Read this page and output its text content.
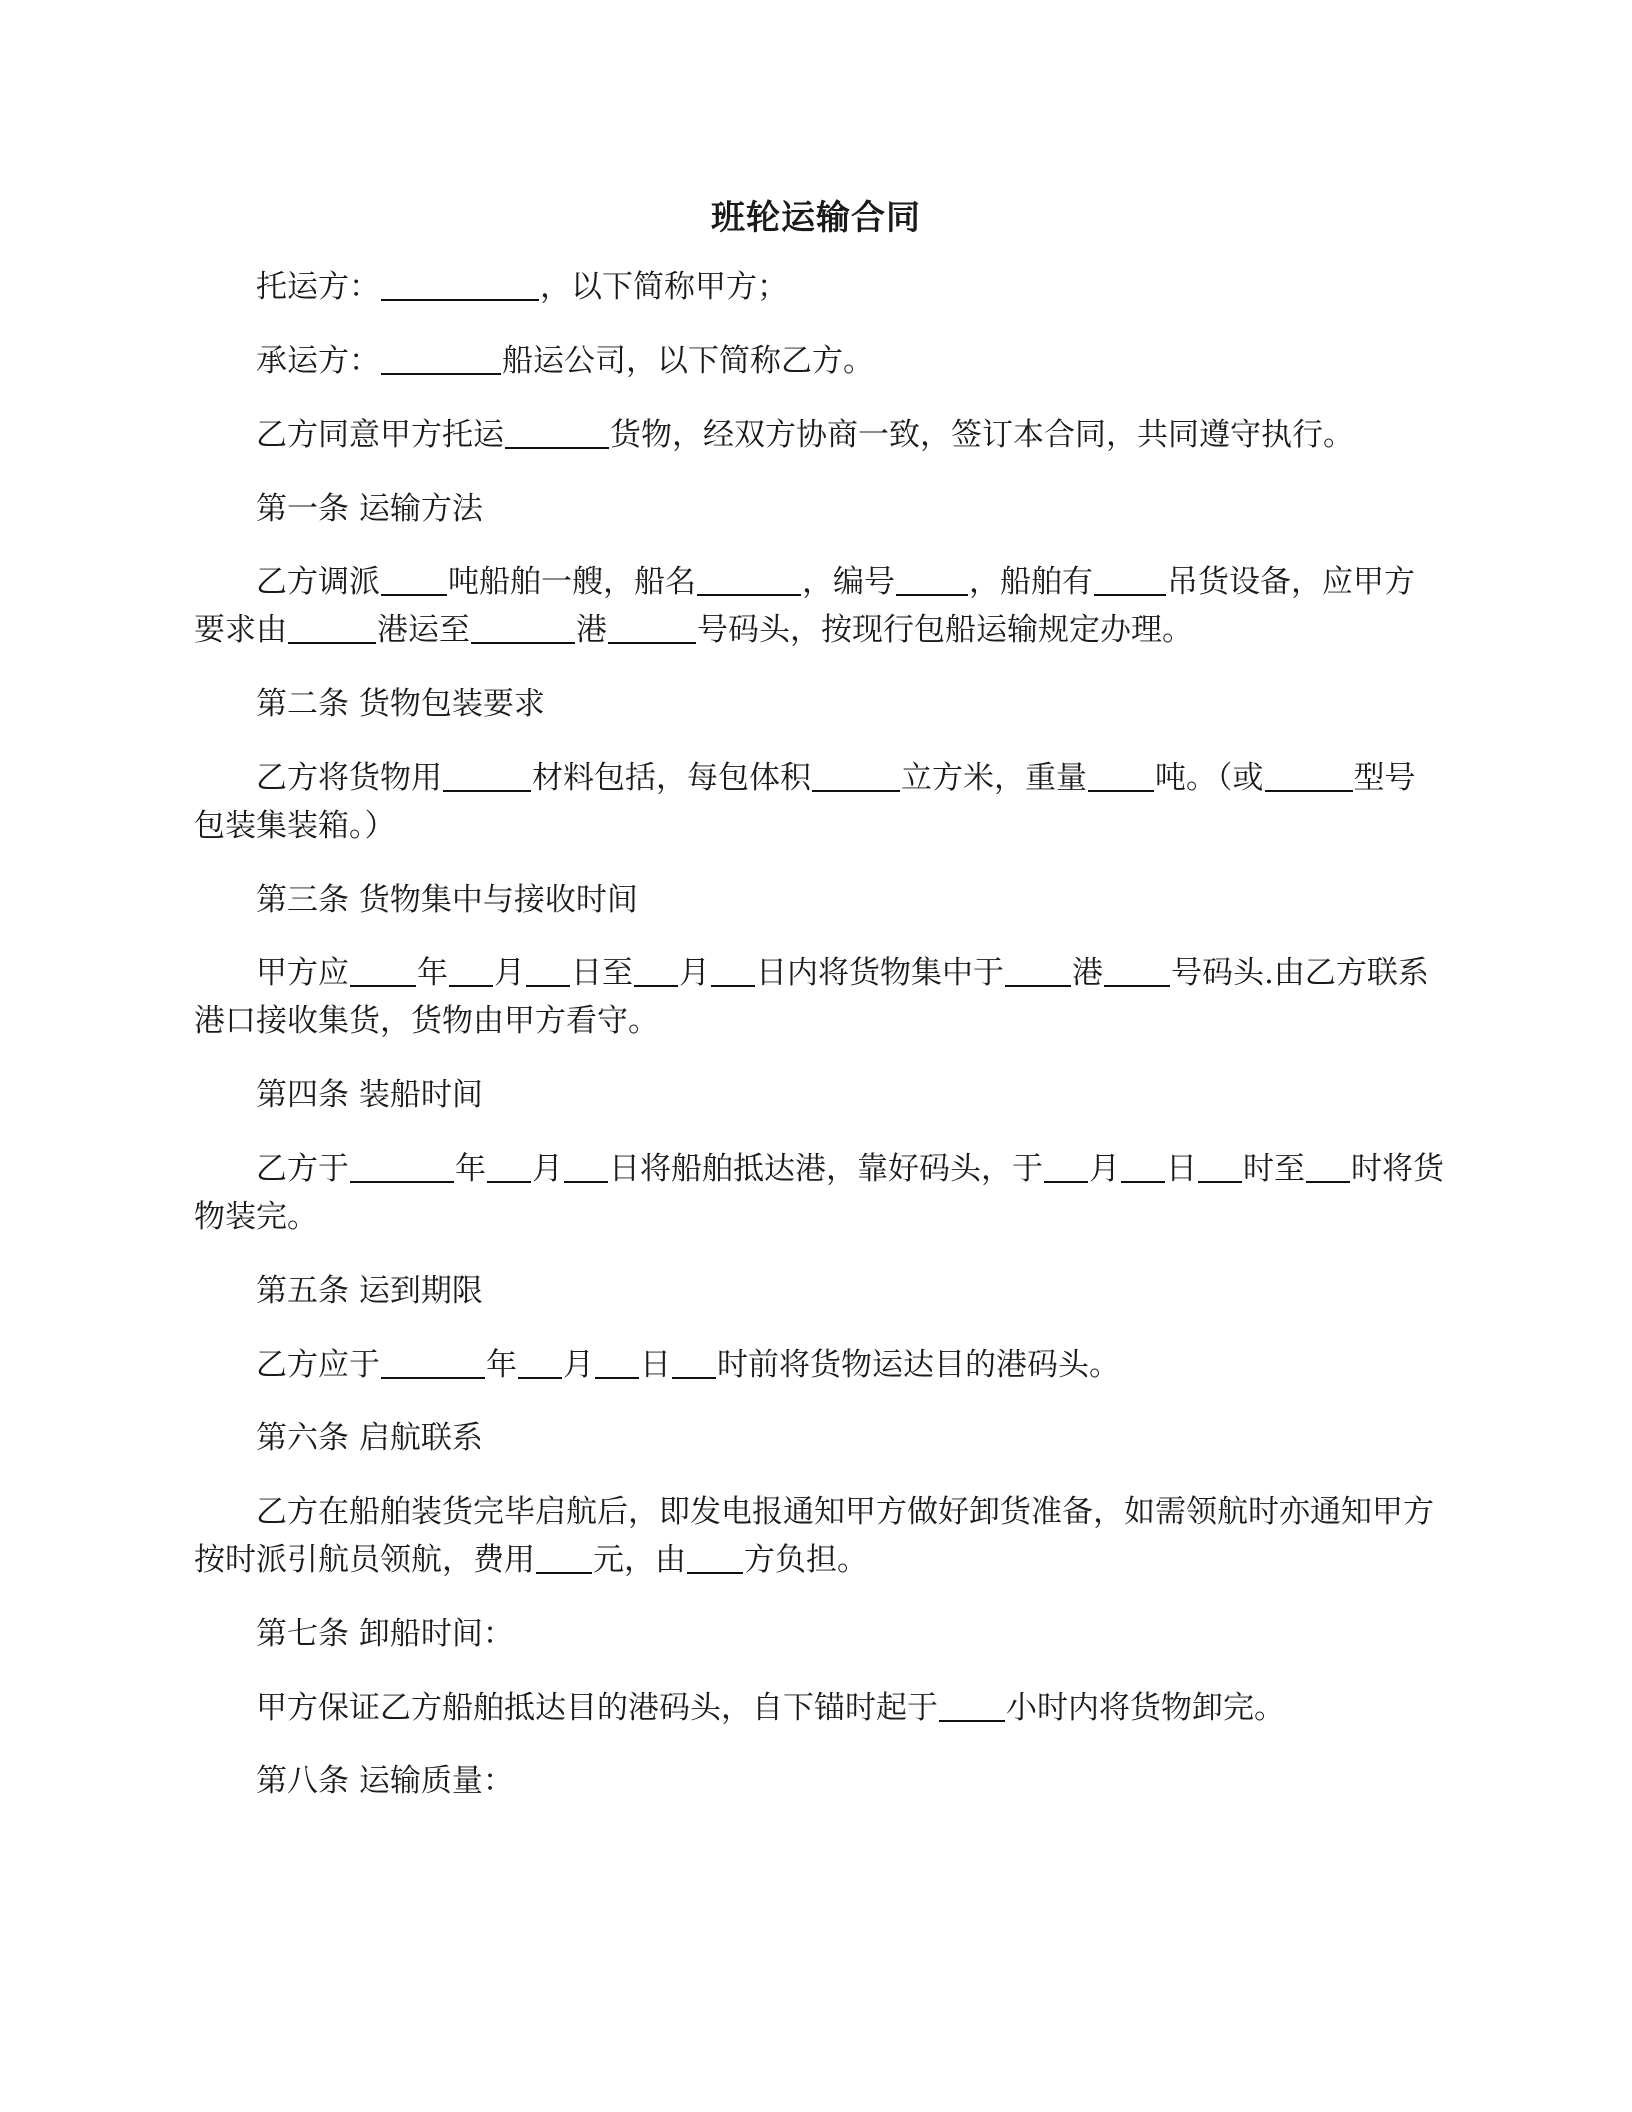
班轮运输合同
托运方：	，以下简称甲方；
承运方：	船运公司，以下简称乙方。
乙方同意甲方托运	货物，经双方协商一致，签订本合同，共同遵守执行。
第一条 运输方法
乙方调派 吨船舶一艘，船名	，编号 ，船舶有 吊货设备，应甲方要求由	港运至	港	号码头，按现行包船运输规定办理。
第二条 货物包装要求
乙方将货物用	材料包括，每包体积	立方米，重量 吨。（或	型号包装集装箱。）
第三条 货物集中与接收时间
甲方应 年 月 日至 月 日内将货物集中于 港 号码头.由乙方联系港口接收集货，货物由甲方看守。
第四条 装船时间
乙方于	年 月 日将船舶抵达港，靠好码头，于 月 日 时至 时将货物装完。
第五条 运到期限
乙方应于	年 月 日 时前将货物运达目的港码头。
第六条 启航联系
乙方在船舶装货完毕启航后，即发电报通知甲方做好卸货准备，如需领航时亦通知甲方按时派引航员领航，费用 元，由 方负担。
第七条 卸船时间：
甲方保证乙方船舶抵达目的港码头，自下锚时起于 小时内将货物卸完。
第八条 运输质量：
